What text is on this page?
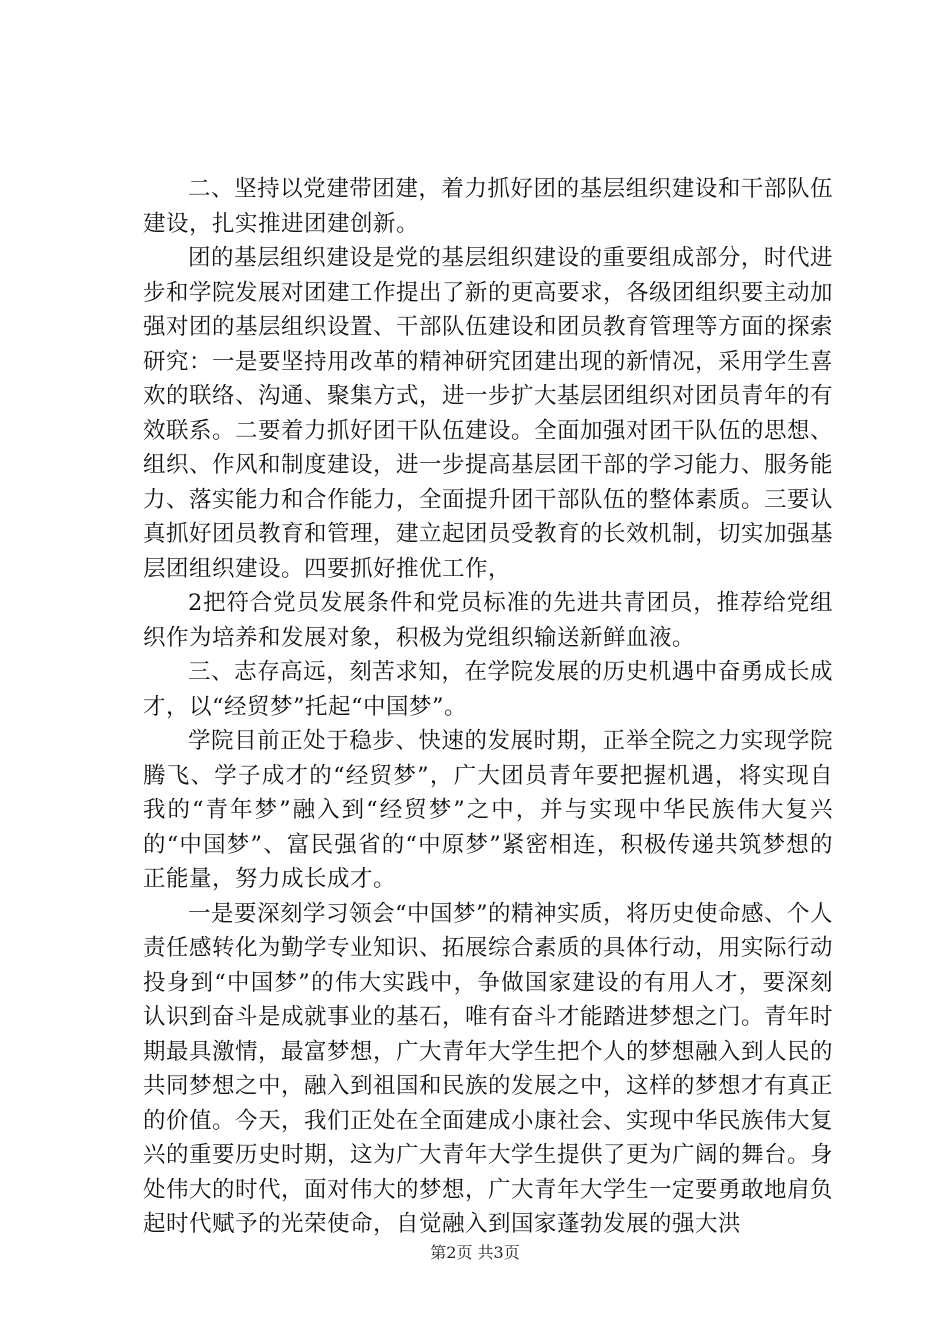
二、坚持以党建带团建，着力抓好团的基层组织建设和干部队伍建设，扎实推进团建创新。

团的基层组织建设是党的基层组织建设的重要组成部分，时代进步和学院发展对团建工作提出了新的更高要求，各级团组织要主动加强对团的基层组织设置、干部队伍建设和团员教育管理等方面的探索研究：一是要坚持用改革的精神研究团建出现的新情况，采用学生喜欢的联络、沟通、聚集方式，进一步扩大基层团组织对团员青年的有效联系。二要着力抓好团干队伍建设。全面加强对团干队伍的思想、组织、作风和制度建设，进一步提高基层团干部的学习能力、服务能力、落实能力和合作能力，全面提升团干部队伍的整体素质。三要认真抓好团员教育和管理，建立起团员受教育的长效机制，切实加强基层团组织建设。四要抓好推优工作，

2把符合党员发展条件和党员标准的先进共青团员，推荐给党组织作为培养和发展对象，积极为党组织输送新鲜血液。

三、志存高远，刻苦求知，在学院发展的历史机遇中奋勇成长成才，以“经贸梦”托起“中国梦”。

学院目前正处于稳步、快速的发展时期，正举全院之力实现学院腾飞、学子成才的“经贸梦”，广大团员青年要把握机遇，将实现自我的“青年梦”融入到“经贸梦”之中，并与实现中华民族伟大复兴的“中国梦”、富民强省的“中原梦”紧密相连，积极传递共筑梦想的正能量，努力成长成才。

一是要深刻学习领会“中国梦”的精神实质，将历史使命感、个人责任感转化为勤学专业知识、拓展综合素质的具体行动，用实际行动投身到“中国梦”的伟大实践中，争做国家建设的有用人才，要深刻认识到奋斗是成就事业的基石，唯有奋斗才能踏进梦想之门。青年时期最具激情，最富梦想，广大青年大学生把个人的梦想融入到人民的共同梦想之中，融入到祖国和民族的发展之中，这样的梦想才有真正的价值。今天，我们正处在全面建成小康社会、实现中华民族伟大复兴的重要历史时期，这为广大青年大学生提供了更为广阔的舞台。身处伟大的时代，面对伟大的梦想，广大青年大学生一定要勇敢地肩负起时代赋予的光荣使命，自觉融入到国家蓬勃发展的强大洪

第2页 共3页
